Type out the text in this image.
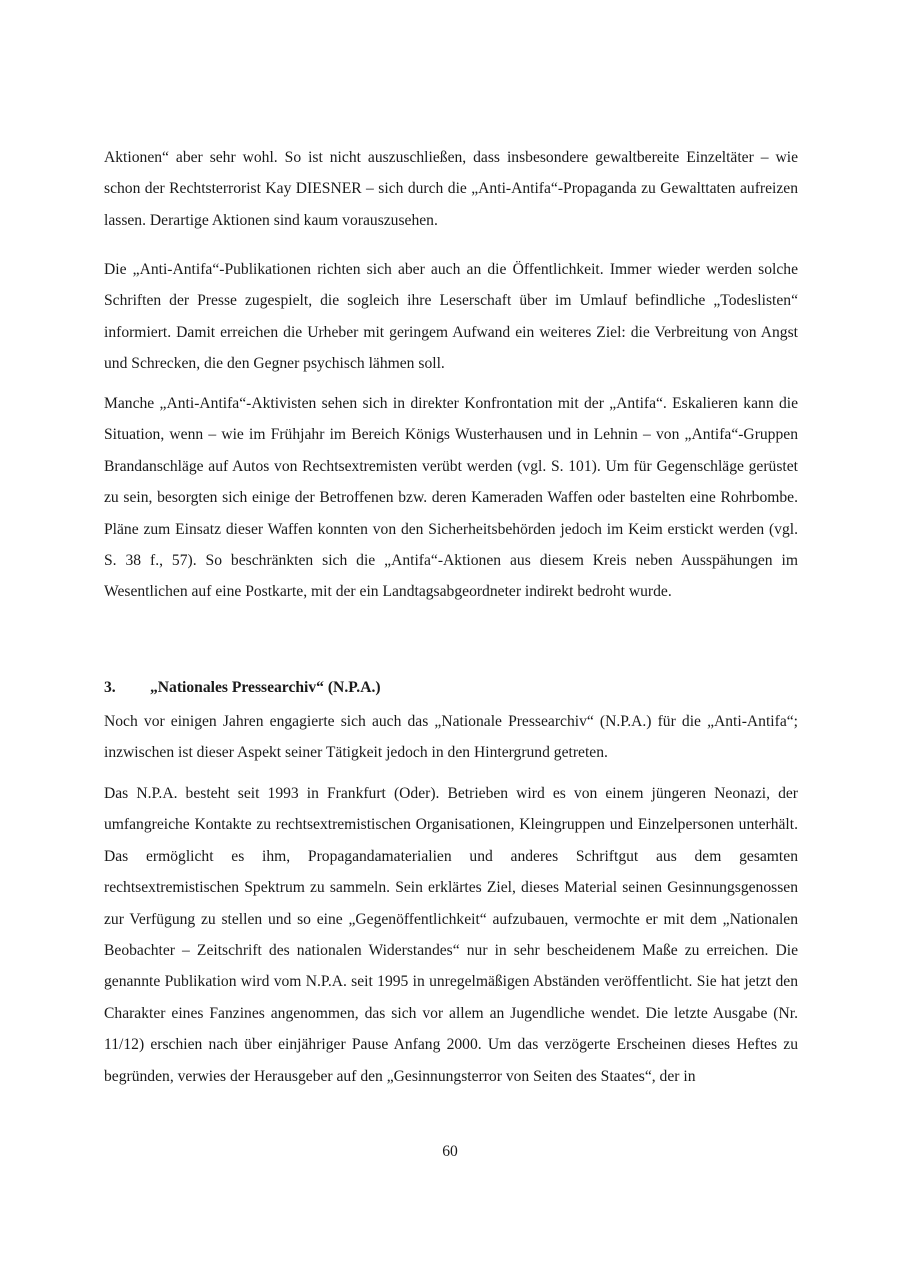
Aktionen“ aber sehr wohl. So ist nicht auszuschließen, dass insbesondere gewaltbereite Einzeltäter – wie schon der Rechtsterrorist Kay DIESNER – sich durch die „Anti-Antifa“-Propaganda zu Gewalttaten aufreizen lassen. Derartige Aktionen sind kaum vorauszusehen.

Die „Anti-Antifa“-Publikationen richten sich aber auch an die Öffentlichkeit. Immer wieder werden solche Schriften der Presse zugespielt, die sogleich ihre Leserschaft über im Umlauf befindliche „Todeslisten“ informiert. Damit erreichen die Urheber mit geringem Aufwand ein weiteres Ziel: die Verbreitung von Angst und Schrecken, die den Gegner psychisch lähmen soll.

Manche „Anti-Antifa“-Aktivisten sehen sich in direkter Konfrontation mit der „Antifa“. Eskalieren kann die Situation, wenn – wie im Frühjahr im Bereich Königs Wusterhausen und in Lehnin – von „Antifa“-Gruppen Brandanschläge auf Autos von Rechtsextremisten verübt werden (vgl. S. 101). Um für Gegenschläge gerüstet zu sein, besorgten sich einige der Betroffenen bzw. deren Kameraden Waffen oder bastelten eine Rohrbombe. Pläne zum Einsatz dieser Waffen konnten von den Sicherheitsbehörden jedoch im Keim erstickt werden (vgl. S. 38 f., 57). So beschränkten sich die „Antifa“-Aktionen aus diesem Kreis neben Ausspähungen im Wesentlichen auf eine Postkarte, mit der ein Landtagsabgeordneter indirekt bedroht wurde.

3. „Nationales Pressearchiv“ (N.P.A.)

Noch vor einigen Jahren engagierte sich auch das „Nationale Pressearchiv“ (N.P.A.) für die „Anti-Antifa“; inzwischen ist dieser Aspekt seiner Tätigkeit jedoch in den Hintergrund getreten.

Das N.P.A. besteht seit 1993 in Frankfurt (Oder). Betrieben wird es von einem jüngeren Neonazi, der umfangreiche Kontakte zu rechtsextremistischen Organisationen, Kleingruppen und Einzelpersonen unterhält. Das ermöglicht es ihm, Propagandamaterialien und anderes Schriftgut aus dem gesamten rechtsextremistischen Spektrum zu sammeln. Sein erklärtes Ziel, dieses Material seinen Gesinnungsgenossen zur Verfügung zu stellen und so eine „Gegenöffentlichkeit“ aufzubauen, vermochte er mit dem „Nationalen Beobachter – Zeitschrift des nationalen Widerstandes“ nur in sehr bescheidenem Maße zu erreichen. Die genannte Publikation wird vom N.P.A. seit 1995 in unregelmäßigen Abständen veröffentlicht. Sie hat jetzt den Charakter eines Fanzines angenommen, das sich vor allem an Jugendliche wendet. Die letzte Ausgabe (Nr. 11/12) erschien nach über einjähriger Pause Anfang 2000. Um das verzögerte Erscheinen dieses Heftes zu begründen, verwies der Herausgeber auf den „Gesinnungsterror von Seiten des Staates“, der in

60
